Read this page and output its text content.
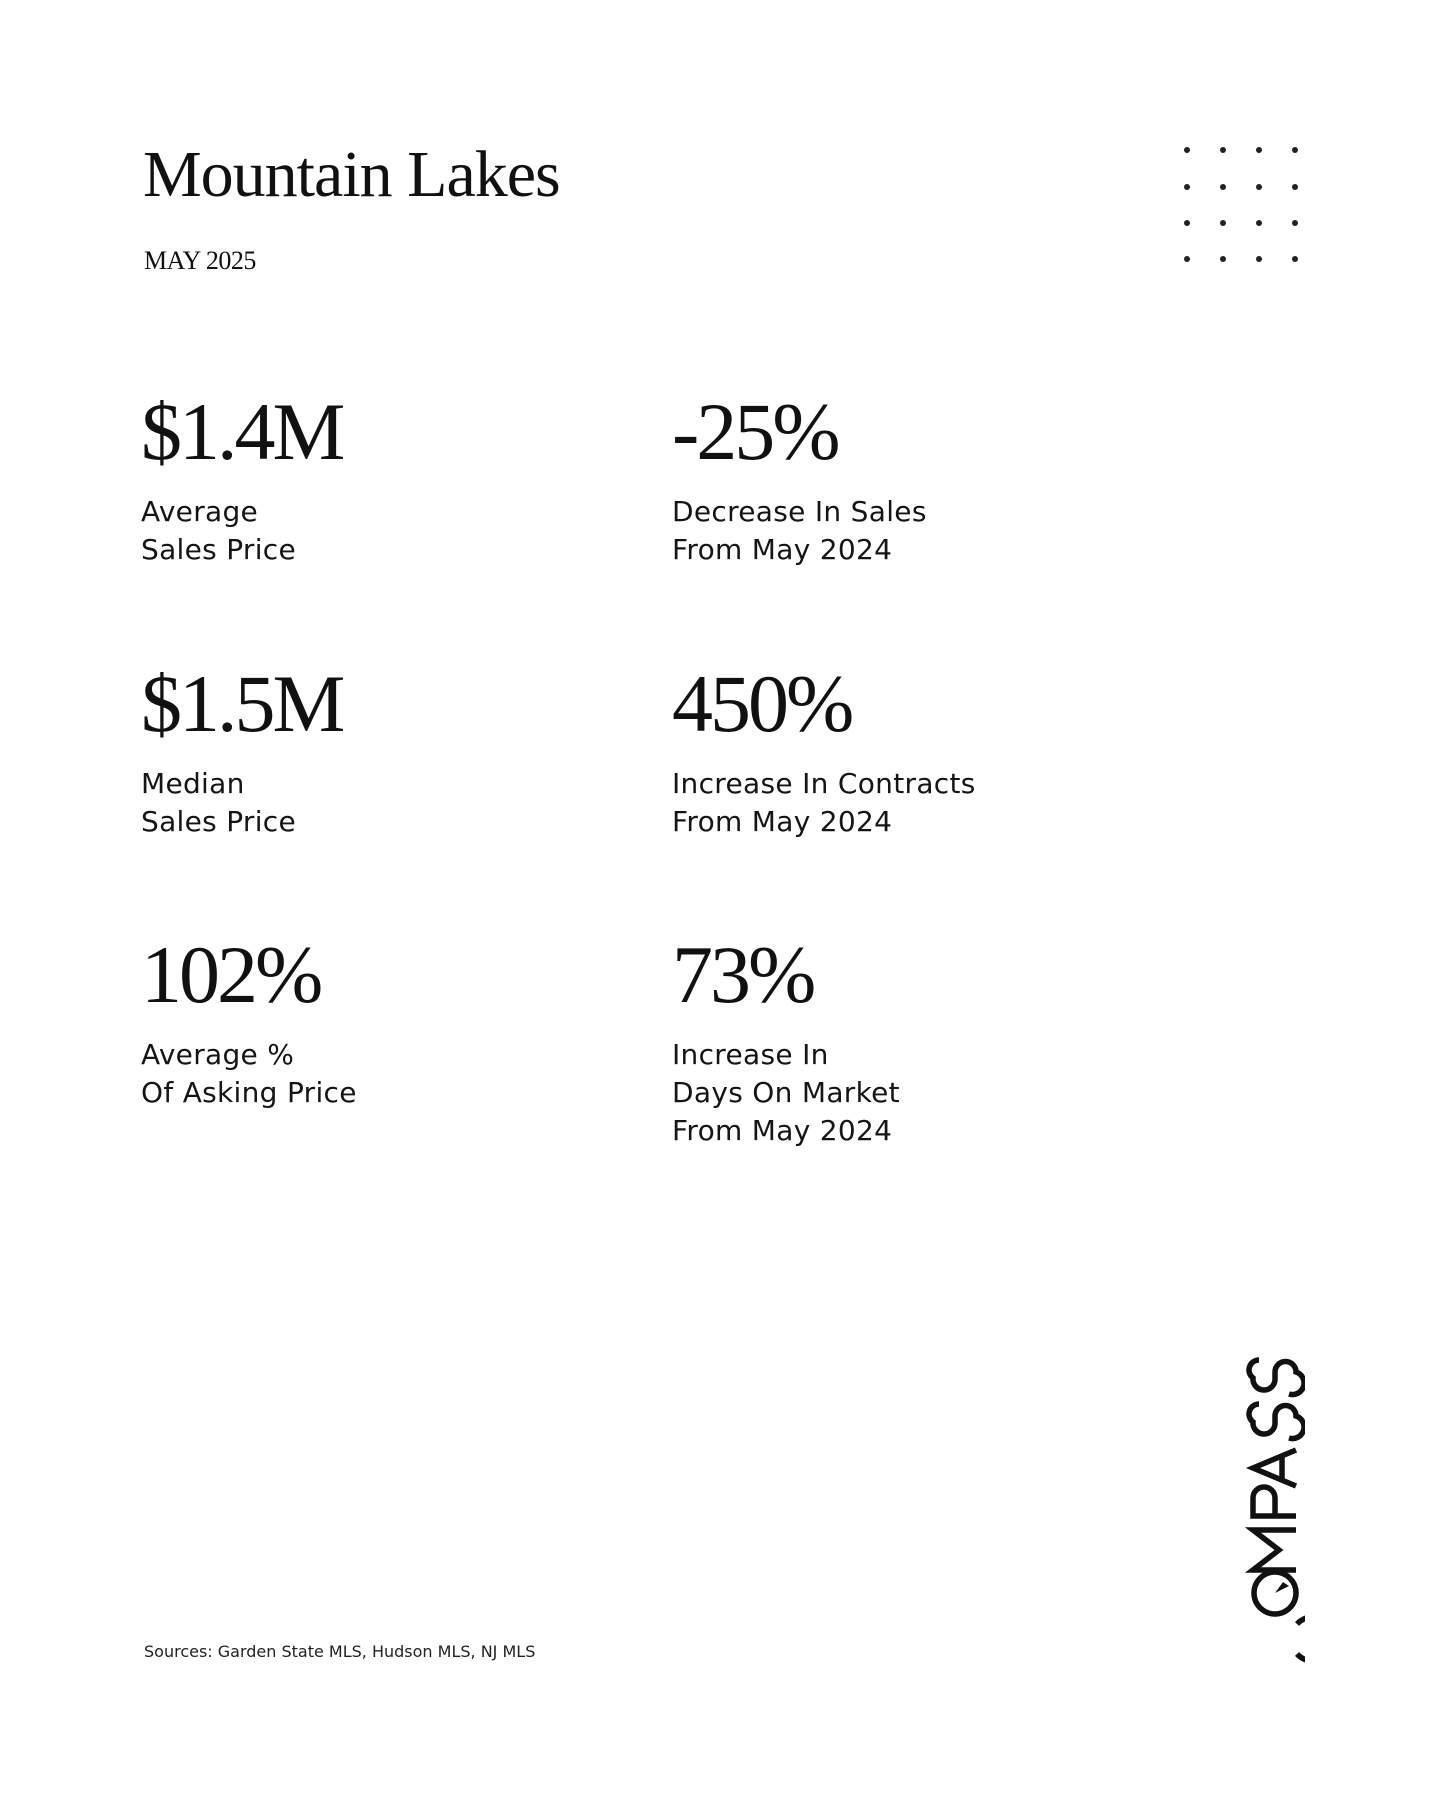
Mountain Lakes
MAY 2025
$1.4M
Average
Sales Price
-25%
Decrease In Sales
From May 2024
$1.5M
Median
Sales Price
450%
Increase In Contracts
From May 2024
102%
Average %
Of Asking Price
73%
Increase In
Days On Market
From May 2024
Sources: Garden State MLS, Hudson MLS, NJ MLS
